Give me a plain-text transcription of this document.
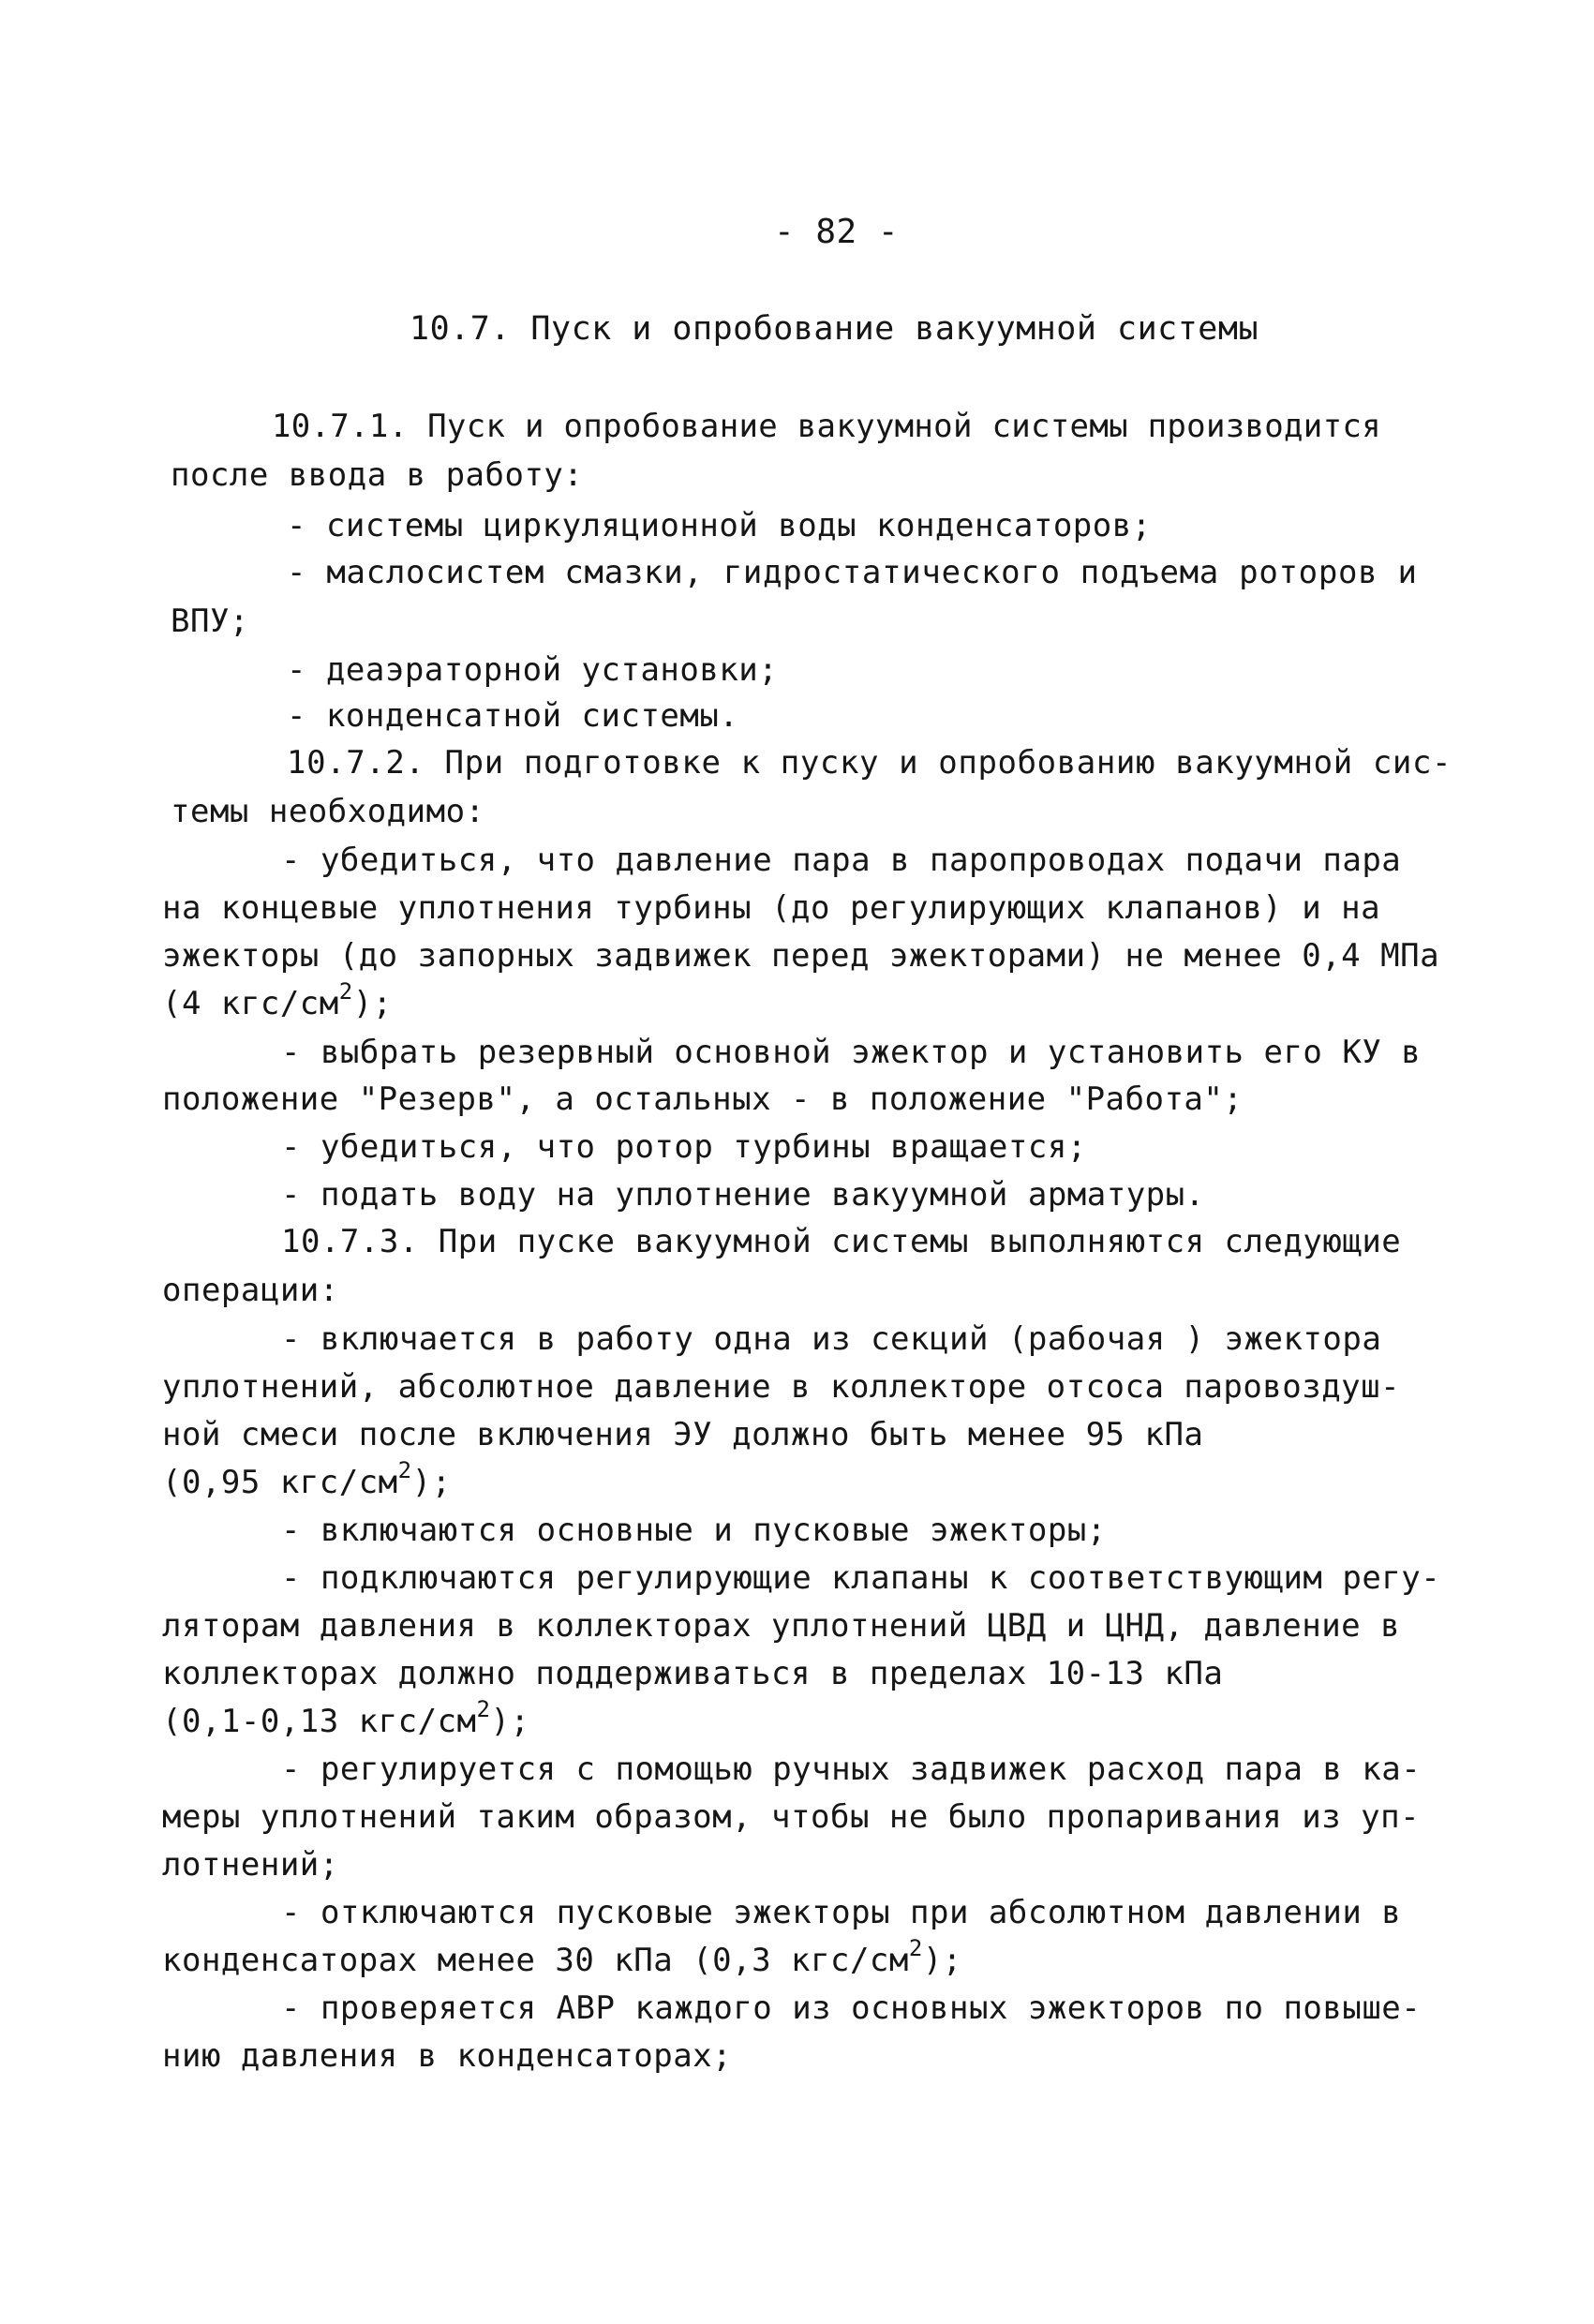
- 82 -
10.7. Пуск и опробование вакуумной системы
10.7.1. Пуск и опробование вакуумной системы производится
после ввода в работу:
- системы циркуляционной воды конденсаторов;
- маслосистем смазки, гидростатического подъема роторов и
ВПУ;
- деаэраторной установки;
- конденсатной системы.
10.7.2. При подготовке к пуску и опробованию вакуумной сис-
темы необходимо:
- убедиться, что давление пара в паропроводах подачи пара
на концевые уплотнения турбины (до регулирующих клапанов) и на
эжекторы (до запорных задвижек перед эжекторами) не менее 0,4 МПа
(4 кгс/$см^2$);
- выбрать резервный основной эжектор и установить его КУ в
положение "Резерв", а остальных - в положение "Работа";
- убедиться, что ротор турбины вращается;
- подать воду на уплотнение вакуумной арматуры.
10.7.3. При пуске вакуумной системы выполняются следующие
операции:
- включается в работу одна из секций (рабочая ) эжектора
уплотнений, абсолютное давление в коллекторе отсоса паровоздуш-
ной смеси после включения ЭУ должно быть менее 95 кПа
(0,95 кгс/$см^2$);
- включаются основные и пусковые эжекторы;
- подключаются регулирующие клапаны к соответствующим регу-
ляторам давления в коллекторах уплотнений ЦВД и ЦНД, давление в
коллекторах должно поддерживаться в пределах 10-13 кПа
(0,1-0,13 кгс/$см^2$);
- регулируется с помощью ручных задвижек расход пара в ка-
меры уплотнений таким образом, чтобы не было пропаривания из уп-
лотнений;
- отключаются пусковые эжекторы при абсолютном давлении в
конденсаторах менее 30 кПа (0,3 кгс/$см^2$);
- проверяется АВР каждого из основных эжекторов по повыше-
нию давления в конденсаторах;
